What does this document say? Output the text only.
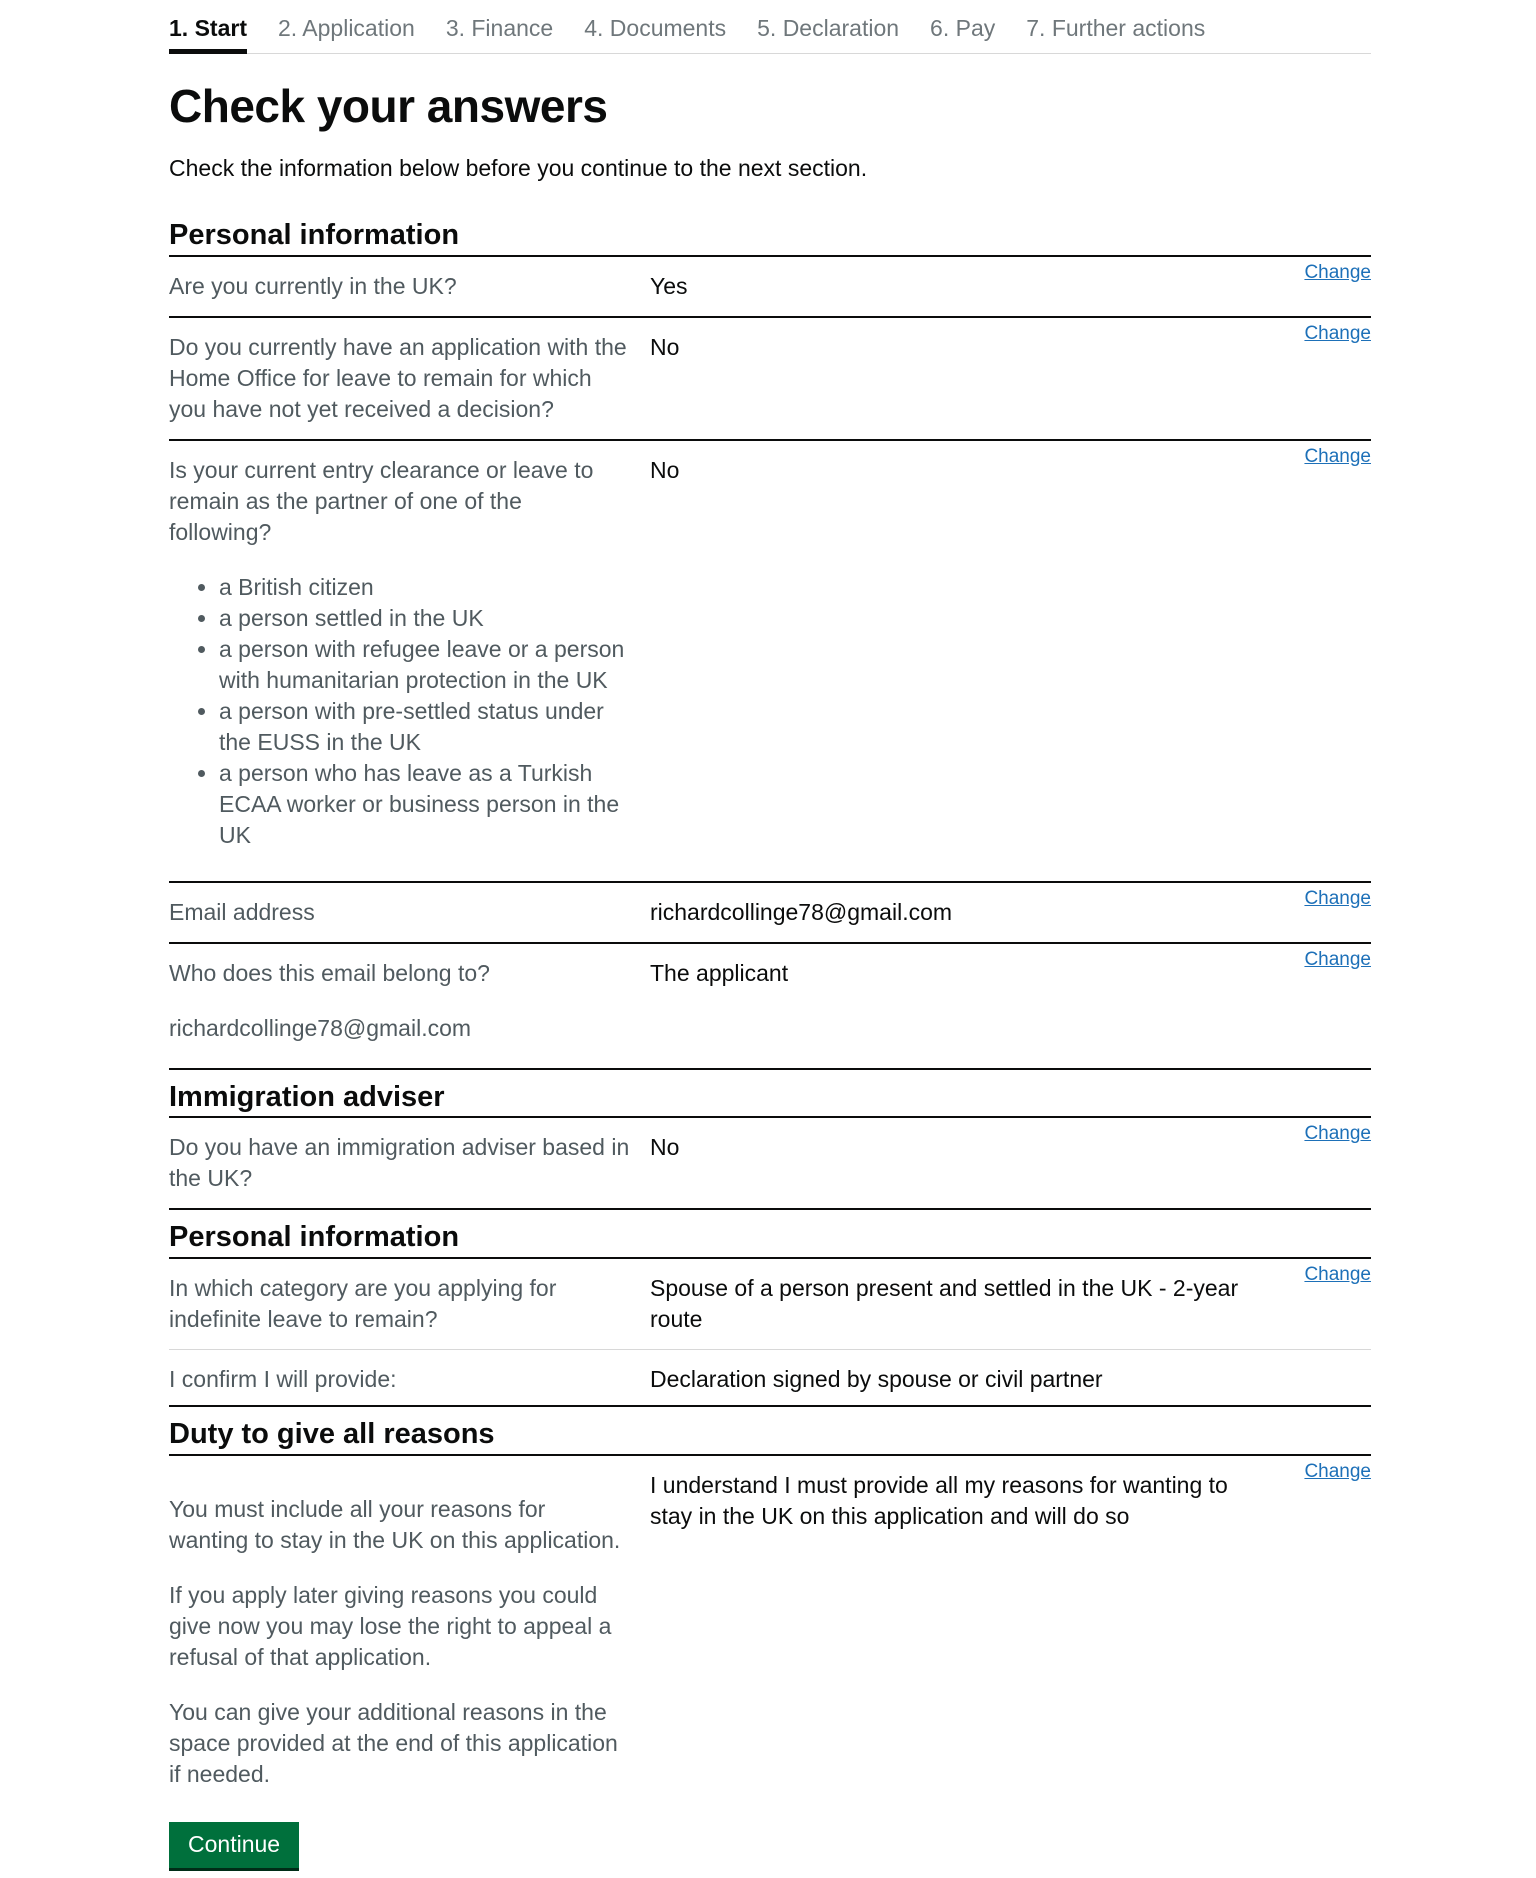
1. Start 2. Application 3. Finance 4. Documents 5. Declaration 6. Pay 7. Further actions
Check your answers

Check the information below before you continue to the next section.

Personal information
Are you currently in the UK?	Yes
Change
Do you currently have an application with the Home Office for leave to remain for which you have not yet received a decision?
No
Change

Is your current entry clearance or leave to remain as the partner of one of the following?

• a British citizen
• a person settled in the UK
• a person with refugee leave or a person with humanitarian protection in the UK
• a person with pre-settled status under the EUSS in the UK
• a person who has leave as a Turkish ECAA worker or business person in the UK
No
Change
Email address	richardcollinge78@gmail.com
Change

Who does this email belong to?

richardcollinge78@gmail.com

The applicant
Change
Immigration adviser
Do you have an immigration adviser based in the UK?
No
Change
Personal information
In which category are you applying for indefinite leave to remain?
Spouse of a person present and settled in the UK - 2-year route
Change
I confirm I will provide:	Declaration signed by spouse or civil partner
Duty to give all reasons

You must include all your reasons for wanting to stay in the UK on this application.

If you apply later giving reasons you could give now you may lose the right to appeal a refusal of that application.

You can give your additional reasons in the space provided at the end of this application if needed.

I understand I must provide all my reasons for wanting to stay in the UK on this application and will do so
Change
Continue
